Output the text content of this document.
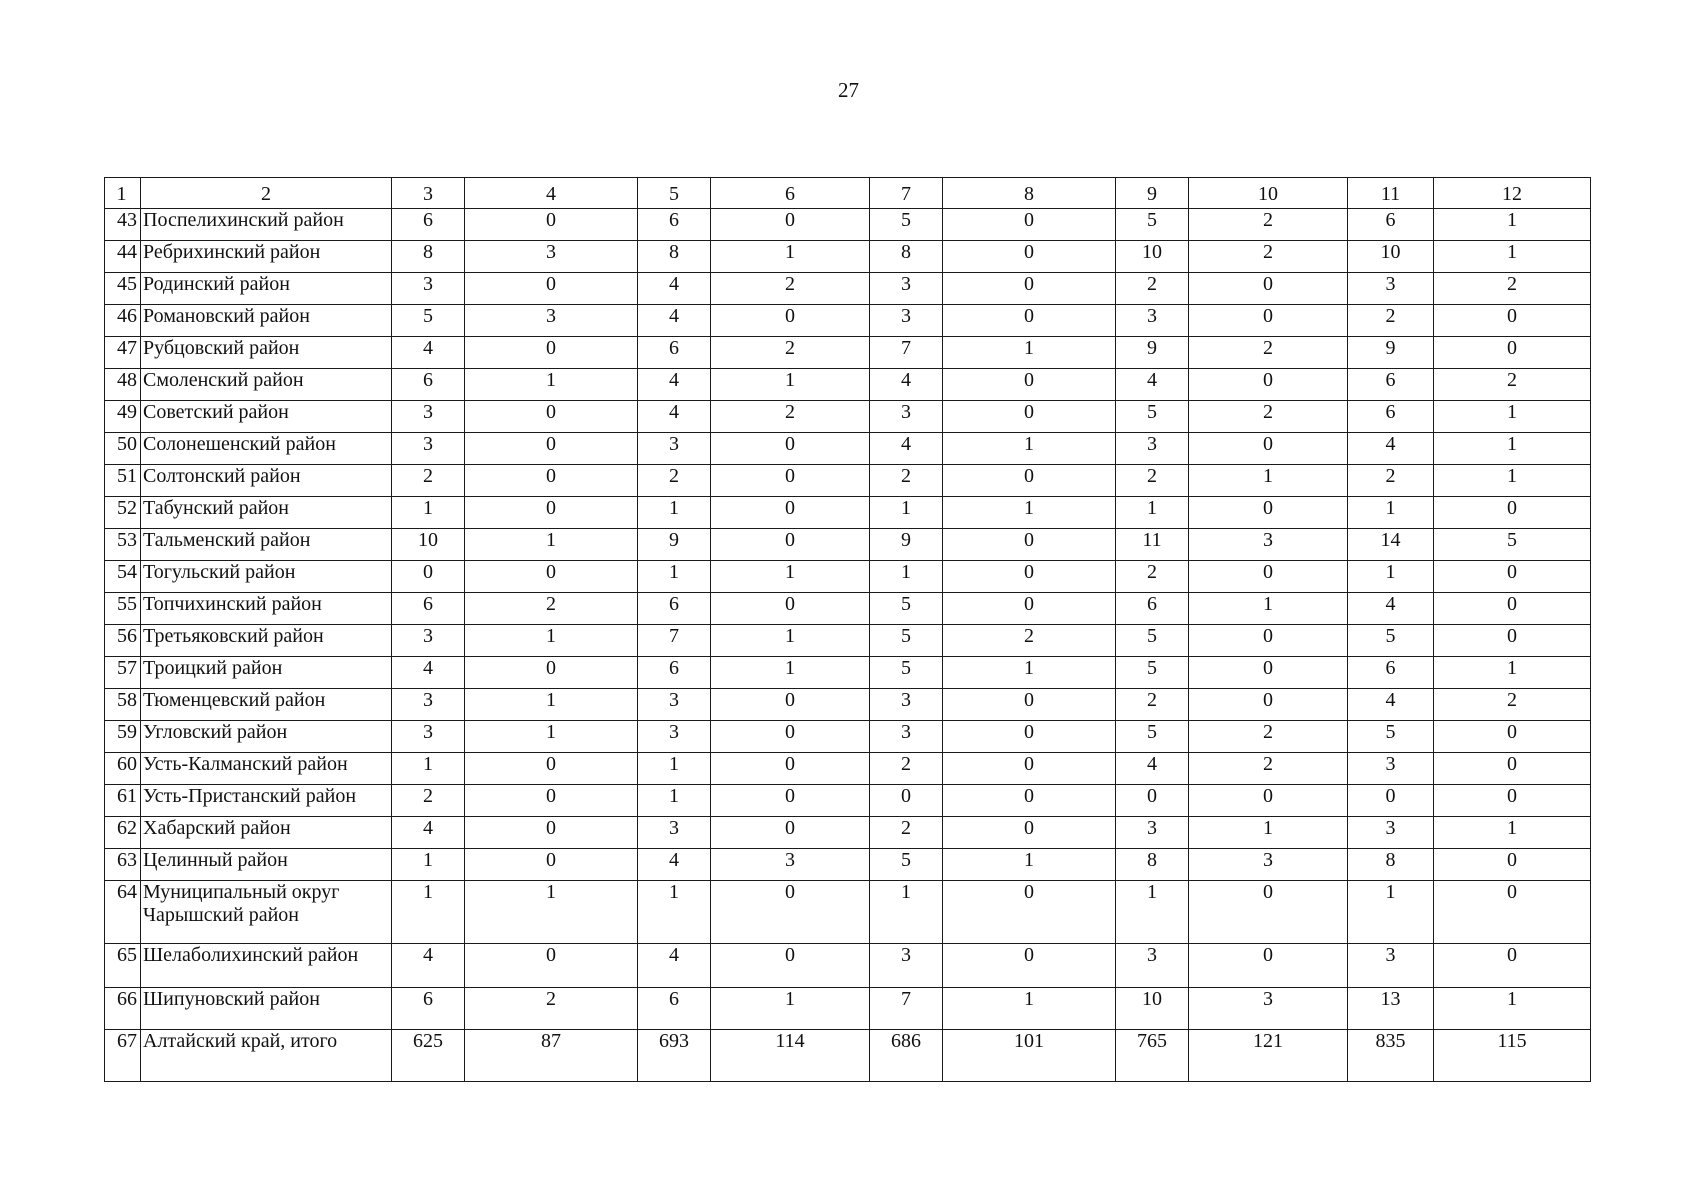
27
1	2	3	4	5	6	7	8	9	10	11	12
43	Поспелихинский район	6	0	6	0	5	0	5	2	6	1
44	Ребрихинский район	8	3	8	1	8	0	10	2	10	1
45	Родинский район	3	0	4	2	3	0	2	0	3	2
46	Романовский район	5	3	4	0	3	0	3	0	2	0
47	Рубцовский район	4	0	6	2	7	1	9	2	9	0
48	Смоленский район	6	1	4	1	4	0	4	0	6	2
49	Советский район	3	0	4	2	3	0	5	2	6	1
50	Солонешенский район	3	0	3	0	4	1	3	0	4	1
51	Солтонский район	2	0	2	0	2	0	2	1	2	1
52	Табунский район	1	0	1	0	1	1	1	0	1	0
53	Тальменский район	10	1	9	0	9	0	11	3	14	5
54	Тогульский район	0	0	1	1	1	0	2	0	1	0
55	Топчихинский район	6	2	6	0	5	0	6	1	4	0
56	Третьяковский район	3	1	7	1	5	2	5	0	5	0
57	Троицкий район	4	0	6	1	5	1	5	0	6	1
58	Тюменцевский район	3	1	3	0	3	0	2	0	4	2
59	Угловский район	3	1	3	0	3	0	5	2	5	0
60	Усть-Калманский район	1	0	1	0	2	0	4	2	3	0
61	Усть-Пристанский район	2	0	1	0	0	0	0	0	0	0
62	Хабарский район	4	0	3	0	2	0	3	1	3	1
63	Целинный район	1	0	4	3	5	1	8	3	8	0
64	Муниципальный округ Чарышский район	1	1	1	0	1	0	1	0	1	0
65	Шелаболихинский район	4	0	4	0	3	0	3	0	3	0
66	Шипуновский район	6	2	6	1	7	1	10	3	13	1
67	Алтайский край, итого	625	87	693	114	686	101	765	121	835	115
